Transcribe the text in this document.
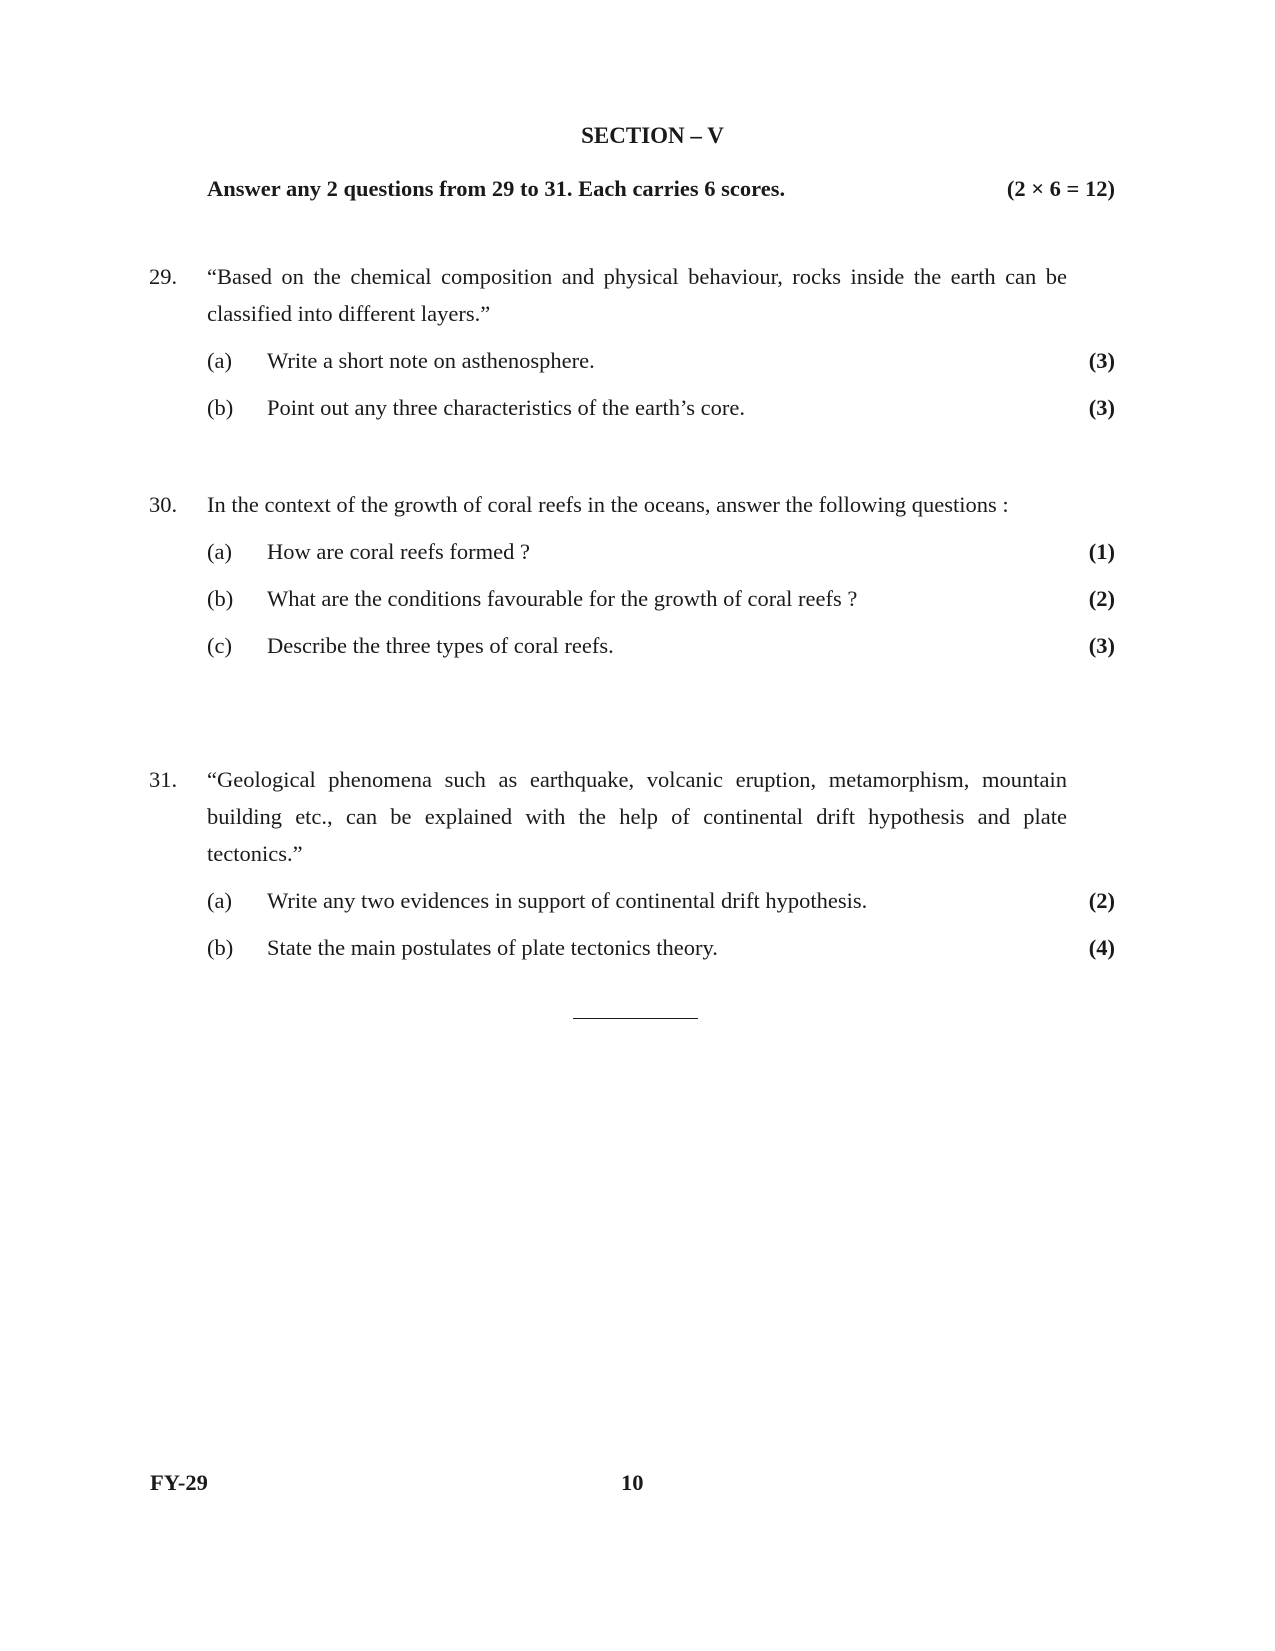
SECTION – V
Answer any 2 questions from 29 to 31. Each carries 6 scores.	(2 × 6 = 12)
29. “Based on the chemical composition and physical behaviour, rocks inside the earth can be classified into different layers.”
(a) Write a short note on asthenosphere.	(3)
(b) Point out any three characteristics of the earth’s core.	(3)
30. In the context of the growth of coral reefs in the oceans, answer the following questions :
(a) How are coral reefs formed ?	(1)
(b) What are the conditions favourable for the growth of coral reefs ?	(2)
(c) Describe the three types of coral reefs.	(3)
31. “Geological phenomena such as earthquake, volcanic eruption, metamorphism, mountain building etc., can be explained with the help of continental drift hypothesis and plate tectonics.”
(a) Write any two evidences in support of continental drift hypothesis.	(2)
(b) State the main postulates of plate tectonics theory.	(4)
FY-29	10
